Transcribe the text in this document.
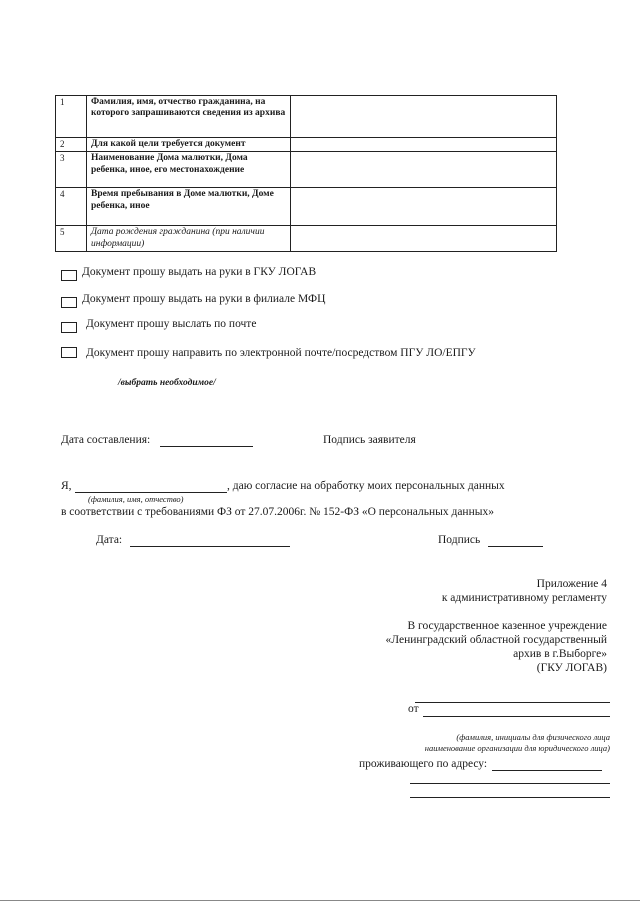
1	Фамилия, имя, отчество гражданина, на которого запрашиваются сведения из архива	
2	Для какой цели требуется документ	
3	Наименование Дома малютки, Дома ребенка, иное, его местонахождение	
4	Время пребывания в Доме малютки, Доме ребенка, иное	
5	Дата рождения гражданина (при наличии информации)	
Документ прошу выдать на руки в ГКУ ЛОГАВ
Документ прошу выдать на руки в филиале МФЦ
Документ прошу выслать по почте
Документ прошу направить по электронной почте/посредством ПГУ ЛО/ЕПГУ
/выбрать необходимое/
Дата составления:	Подпись заявителя
Я,	, даю согласие на обработку моих персональных данных
(фамилия, имя, отчество)
в соответствии с требованиями ФЗ от 27.07.2006г. № 152-ФЗ «О персональных данных»
Дата:	Подпись
Приложение 4
к административному регламенту
В государственное казенное учреждение
«Ленинградский областной государственный
архив в г.Выборге»
(ГКУ ЛОГАВ)
от
(фамилия, инициалы для физического лица
наименование организации для юридического лица)
проживающего по адресу:
